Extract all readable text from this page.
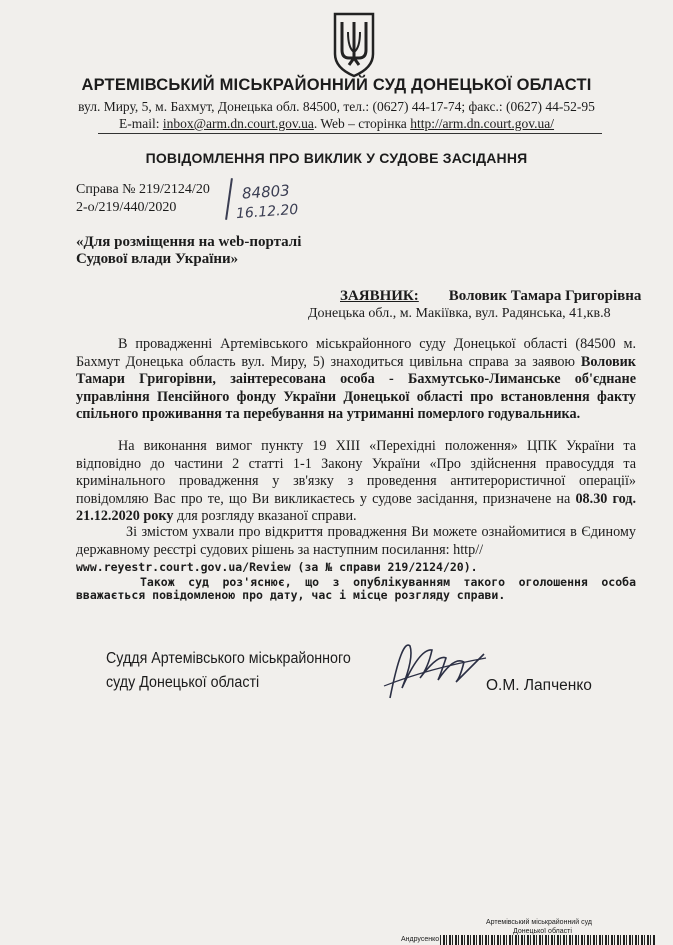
АРТЕМІВСЬКИЙ МІСЬКРАЙОННИЙ СУД ДОНЕЦЬКОЇ ОБЛАСТІ
вул. Миру, 5, м. Бахмут, Донецька обл. 84500, тел.: (0627) 44-17-74; факс.: (0627) 44-52-95
E-mail: inbox@arm.dn.court.gov.ua. Web – сторінка http://arm.dn.court.gov.ua/
ПОВІДОМЛЕННЯ ПРО ВИКЛИК У СУДОВЕ ЗАСІДАННЯ
Справа № 219/2124/20
2-о/219/440/2020
84803
16.12.20
«Для розміщення на web-порталі
Судової влади України»
ЗАЯВНИК: Воловик Тамара Григорівна
Донецька обл., м. Макіївка, вул. Радянська, 41,кв.8
В провадженні Артемівського міськрайонного суду Донецької області (84500 м. Бахмут Донецька область вул. Миру, 5) знаходиться цивільна справа за заявою Воловик Тамари Григорівни, заінтересована особа - Бахмутсько-Лиманське об'єднане управління Пенсійного фонду України Донецької області про встановлення факту спільного проживання та перебування на утриманні померлого годувальника.
На виконання вимог пункту 19 XIII «Перехідні положення» ЦПК України та відповідно до частини 2 статті 1-1 Закону України «Про здійснення правосуддя та кримінального провадження у зв'язку з проведення антитерористичної операції» повідомляю Вас про те, що Ви викликаєтесь у судове засідання, призначене на 08.30 год. 21.12.2020 року для розгляду вказаної справи.
Зі змістом ухвали про відкриття провадження Ви можете ознайомитися в Єдиному державному реєстрі судових рішень за наступним посилання: http//
www.reyestr.court.gov.ua/Review (за № справи 219/2124/20).
Також суд роз'яснює, що з опублікуванням такого оголошення особа вважається повідомленою про дату, час і місце розгляду справи.
Суддя Артемівського міськрайонного
суду Донецької області	О.М. Лапченко
Артемівський міськрайонний суд
Донецької області
Андрусенко
